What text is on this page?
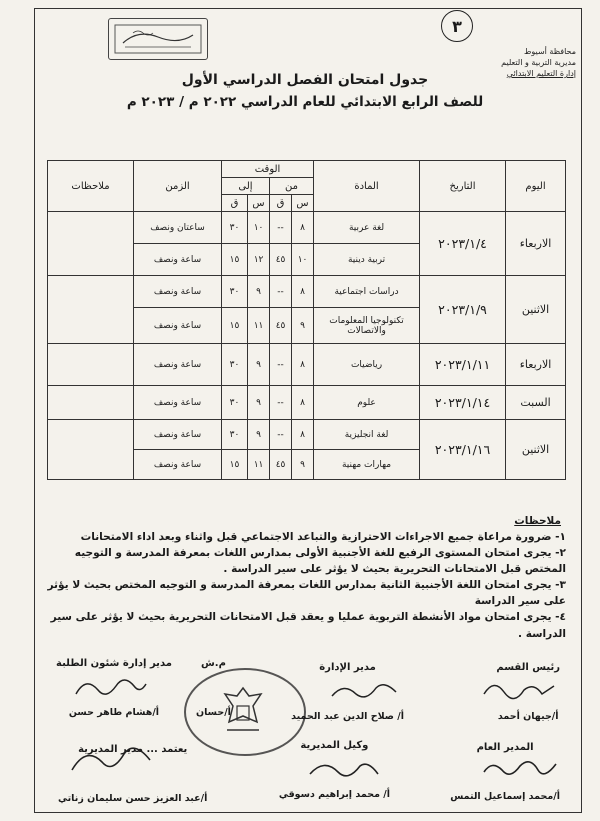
محافظة أسيوط
مديرية التربية و التعليم
إدارة التعليم الابتدائي
٣
جدول امتحان الفصل الدراسي الأول
للصف الرابع الابتدائي للعام الدراسي ٢٠٢٢ م / ٢٠٢٣ م
اليوم	التاريخ	المادة	الوقت				الزمن	ملاحظات
			من		إلى			
			س	ق	س	ق		
الاربعاء	٢٠٢٣/١/٤	لغة عربية	٨	--	١٠	٣٠	ساعتان ونصف	
		تربية دينية	١٠	٤٥	١٢	١٥	ساعة ونصف	
الاثنين	٢٠٢٣/١/٩	دراسات اجتماعية	٨	--	٩	٣٠	ساعة ونصف	
		تكنولوجيا المعلومات والاتصالات	٩	٤٥	١١	١٥	ساعة ونصف	
الاربعاء	٢٠٢٣/١/١١	رياضيات	٨	--	٩	٣٠	ساعة ونصف	
السبت	٢٠٢٣/١/١٤	علوم	٨	--	٩	٣٠	ساعة ونصف	
الاثنين	٢٠٢٣/١/١٦	لغة انجليزية	٨	--	٩	٣٠	ساعة ونصف	
		مهارات مهنية	٩	٤٥	١١	١٥	ساعة ونصف	
ملاحظات

١- ضرورة مراعاة جميع الاجراءات الاحترازية والتباعد الاجتماعي قبل واثناء وبعد اداء الامتحانات

٢- يجرى امتحان المستوى الرفيع للغة الأجنبية الأولى بمدارس اللغات بمعرفة المدرسة و التوجيه المختص قبل الامتحانات التحريرية بحيث لا يؤثر على سير الدراسة .

٣- يجرى امتحان اللغة الأجنبية الثانية بمدارس اللغات بمعرفة المدرسة و التوجيه المختص بحيث لا يؤثر على سير الدراسة

٤- يجرى امتحان مواد الأنشطة التربوية عمليا و يعقد قبل الامتحانات التحريرية بحيث لا يؤثر على سير الدراسة .

رئيس القسم
أ/جيهان أحمد
مدير الإدارة
أ/ صلاح الدين عبد الحميد
م.ش
أ/حسان
مدير إدارة شئون الطلبة
أ/هشام طاهر حسن
المدير العام
أ/محمد إسماعيل التمس
وكيل المديرية
أ/ محمد إبراهيم دسوقي
يعتمد ... مدير المديرية
أ/عبد العزيز حسن سليمان زناتي
